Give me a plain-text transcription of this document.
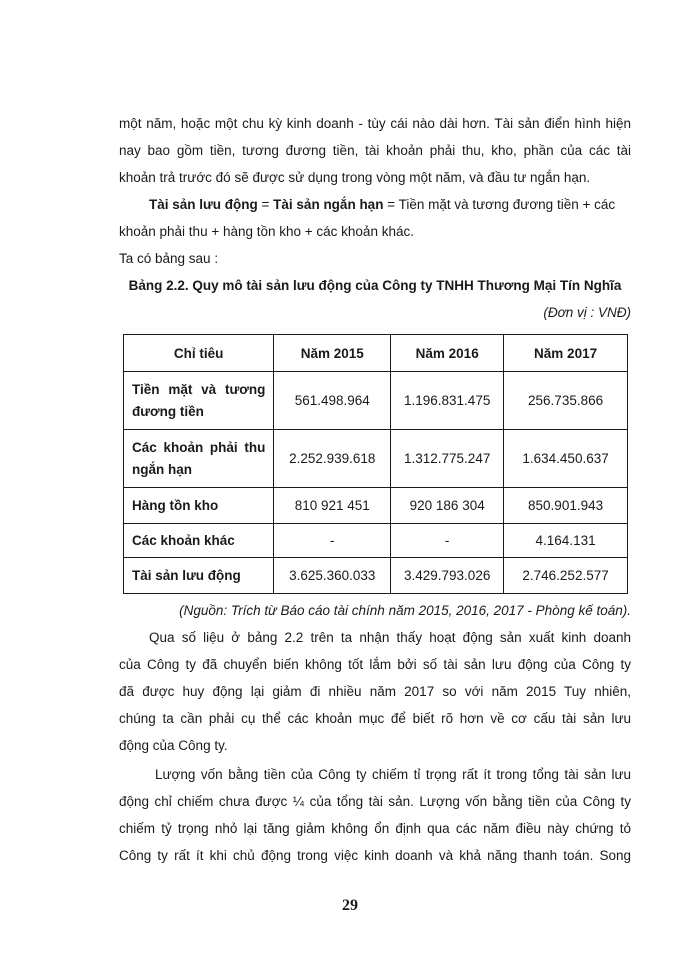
một năm, hoặc một chu kỳ kinh doanh - tùy cái nào dài hơn. Tài sản điển hình hiện
nay bao gồm tiền, tương đương tiền, tài khoản phải thu, kho, phần của các tài
khoản trả trước đó sẽ được sử dụng trong vòng một năm, và đầu tư ngắn hạn.
Tài sản lưu động = Tài sản ngắn hạn = Tiền mặt và tương đương tiền + các
khoản phải thu + hàng tồn kho + các khoản khác.
Ta có bảng sau :
Bảng 2.2. Quy mô tài sản lưu động của Công ty TNHH Thương Mại Tín Nghĩa
(Đơn vị : VNĐ)
Chỉ tiêu	Năm 2015	Năm 2016	Năm 2017

Tiền mặt và tương
đương tiền	561.498.964	1.196.831.475	256.735.866

Các khoản phải thu
ngắn hạn	2.252.939.618	1.312.775.247	1.634.450.637
Hàng tồn kho	810 921 451	920 186 304	850.901.943
Các khoản khác	-	-	4.164.131
Tài sản lưu động	3.625.360.033	3.429.793.026	2.746.252.577
(Nguồn: Trích từ Báo cáo tài chính năm 2015, 2016, 2017 - Phòng kế toán).
Qua số liệu ở bảng 2.2 trên ta nhận thấy hoạt động sản xuất kinh doanh
của Công ty đã chuyển biến không tốt lắm bởi số tài sản lưu động của Công ty
đã được huy động lại giảm đi nhiều năm 2017 so với năm 2015 Tuy nhiên,
chúng ta cần phải cụ thể các khoản mục để biết rõ hơn về cơ cấu tài sản lưu
động của Công ty.
Lượng vốn bằng tiền của Công ty chiếm tỉ trọng rất ít trong tổng tài sản lưu
động chỉ chiếm chưa được ¼ của tổng tài sản. Lượng vốn bằng tiền của Công ty
chiếm tỷ trọng nhỏ lại tăng giảm không ổn định qua các năm điều này chứng tỏ
Công ty rất ít khi chủ động trong việc kinh doanh và khả năng thanh toán. Song
29
